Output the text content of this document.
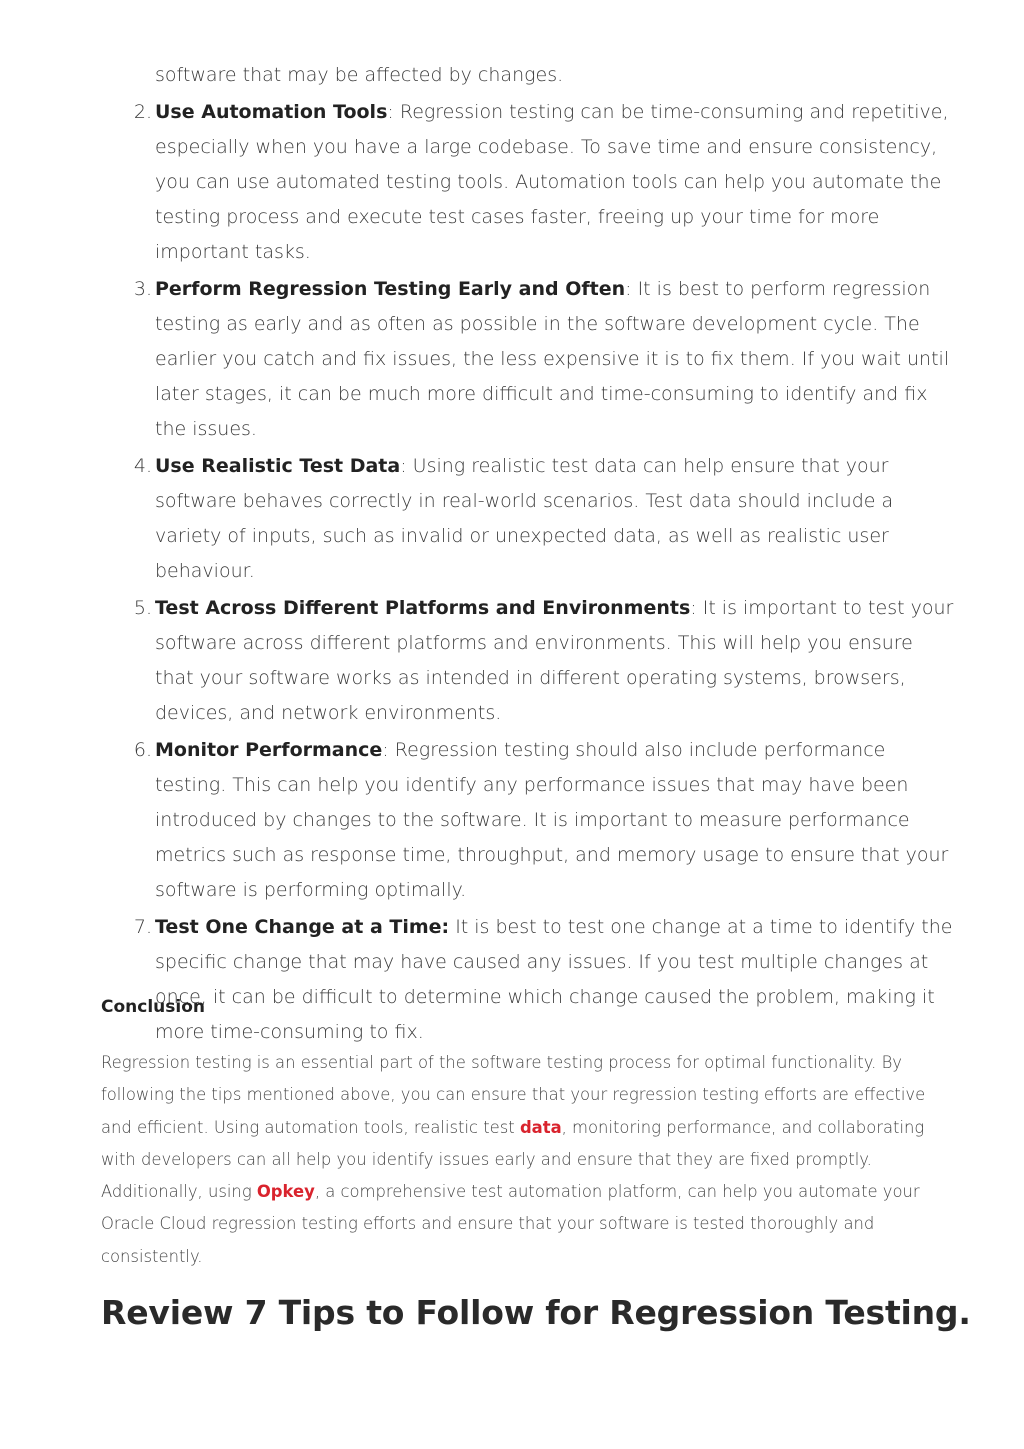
software that may be affected by changes.

2. Use Automation Tools: Regression testing can be time-consuming and repetitive, especially when you have a large codebase. To save time and ensure consistency, you can use automated testing tools. Automation tools can help you automate the testing process and execute test cases faster, freeing up your time for more important tasks.
3. Perform Regression Testing Early and Often: It is best to perform regression testing as early and as often as possible in the software development cycle. The earlier you catch and fix issues, the less expensive it is to fix them. If you wait until later stages, it can be much more difficult and time-consuming to identify and fix the issues.
4. Use Realistic Test Data: Using realistic test data can help ensure that your software behaves correctly in real-world scenarios. Test data should include a variety of inputs, such as invalid or unexpected data, as well as realistic user behaviour.
5. Test Across Different Platforms and Environments: It is important to test your software across different platforms and environments. This will help you ensure that your software works as intended in different operating systems, browsers, devices, and network environments.
6. Monitor Performance: Regression testing should also include performance testing. This can help you identify any performance issues that may have been introduced by changes to the software. It is important to measure performance metrics such as response time, throughput, and memory usage to ensure that your software is performing optimally.
7. Test One Change at a Time: It is best to test one change at a time to identify the specific change that may have caused any issues. If you test multiple changes at once, it can be difficult to determine which change caused the problem, making it more time-consuming to fix.
Conclusion

Regression testing is an essential part of the software testing process for optimal functionality. By following the tips mentioned above, you can ensure that your regression testing efforts are effective and efficient. Using automation tools, realistic test data, monitoring performance, and collaborating with developers can all help you identify issues early and ensure that they are fixed promptly. Additionally, using Opkey, a comprehensive test automation platform, can help you automate your Oracle Cloud regression testing efforts and ensure that your software is tested thoroughly and consistently.

Review 7 Tips to Follow for Regression Testing.
